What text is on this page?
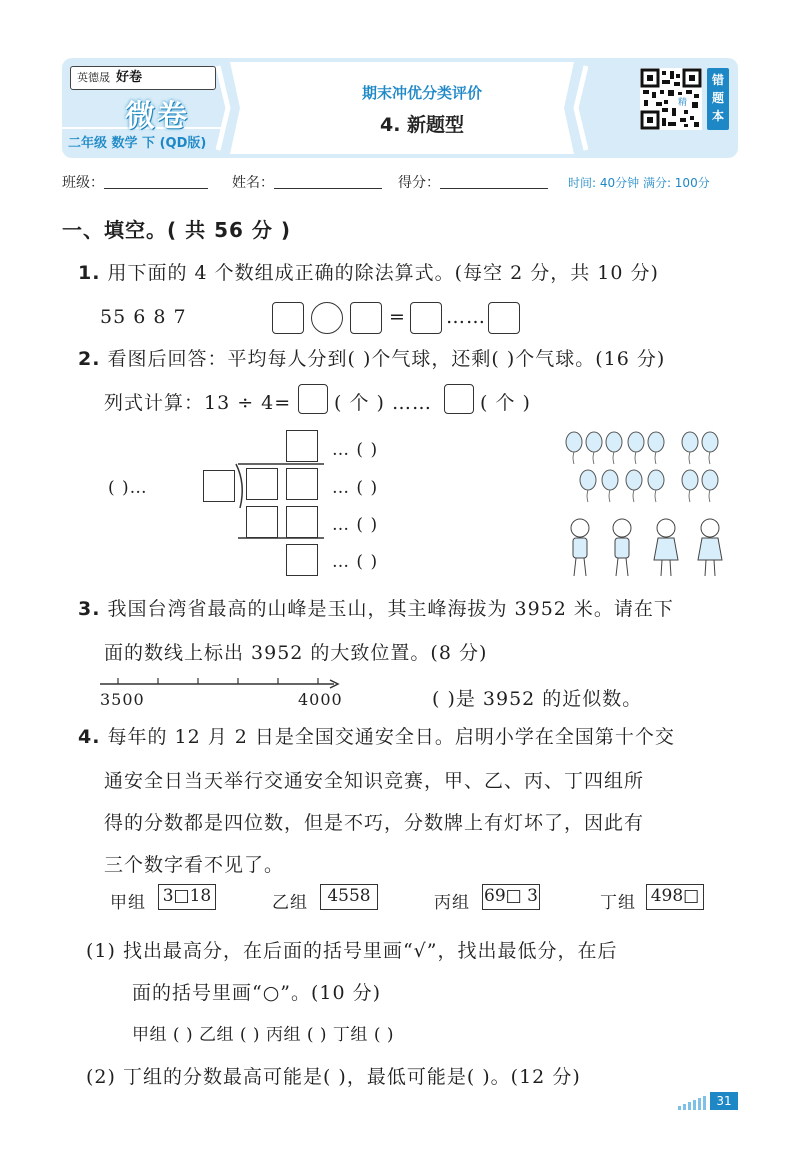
英德晟 好卷
微卷
二年级 数学 下 (QD版)
期末冲优分类评价
4. 新题型
精
错题本
班级：	姓名：	得分：	时间: 40分钟 满分: 100分
一、填空。( 共 56 分 )
1. 用下面的 4 个数组成正确的除法算式。(每空 2 分，共 10 分)
55 6 8 7	= ……
2. 看图后回答：平均每人分到( )个气球，还剩( )个气球。(16 分)
列式计算：13 ÷ 4= ( 个 ) ……	( 个 )
( )…
… ( )
… ( )
… ( )
… ( )
3. 我国台湾省最高的山峰是玉山，其主峰海拔为 3952 米。请在下
面的数线上标出 3952 的大致位置。(8 分)
3500	4000	( )是 3952 的近似数。
4. 每年的 12 月 2 日是全国交通安全日。启明小学在全国第十个交
通安全日当天举行交通安全知识竞赛，甲、乙、丙、丁四组所
得的分数都是四位数，但是不巧，分数牌上有灯坏了，因此有
三个数字看不见了。
甲组 3□18	乙组	4558	丙组 69□ 3	丁组 498□
(1) 找出最高分，在后面的括号里画“√”，找出最低分，在后
面的括号里画“○”。(10 分)
甲组 ( ) 乙组 ( ) 丙组 ( ) 丁组 ( )
(2) 丁组的分数最高可能是( )，最低可能是( )。(12 分)
31
